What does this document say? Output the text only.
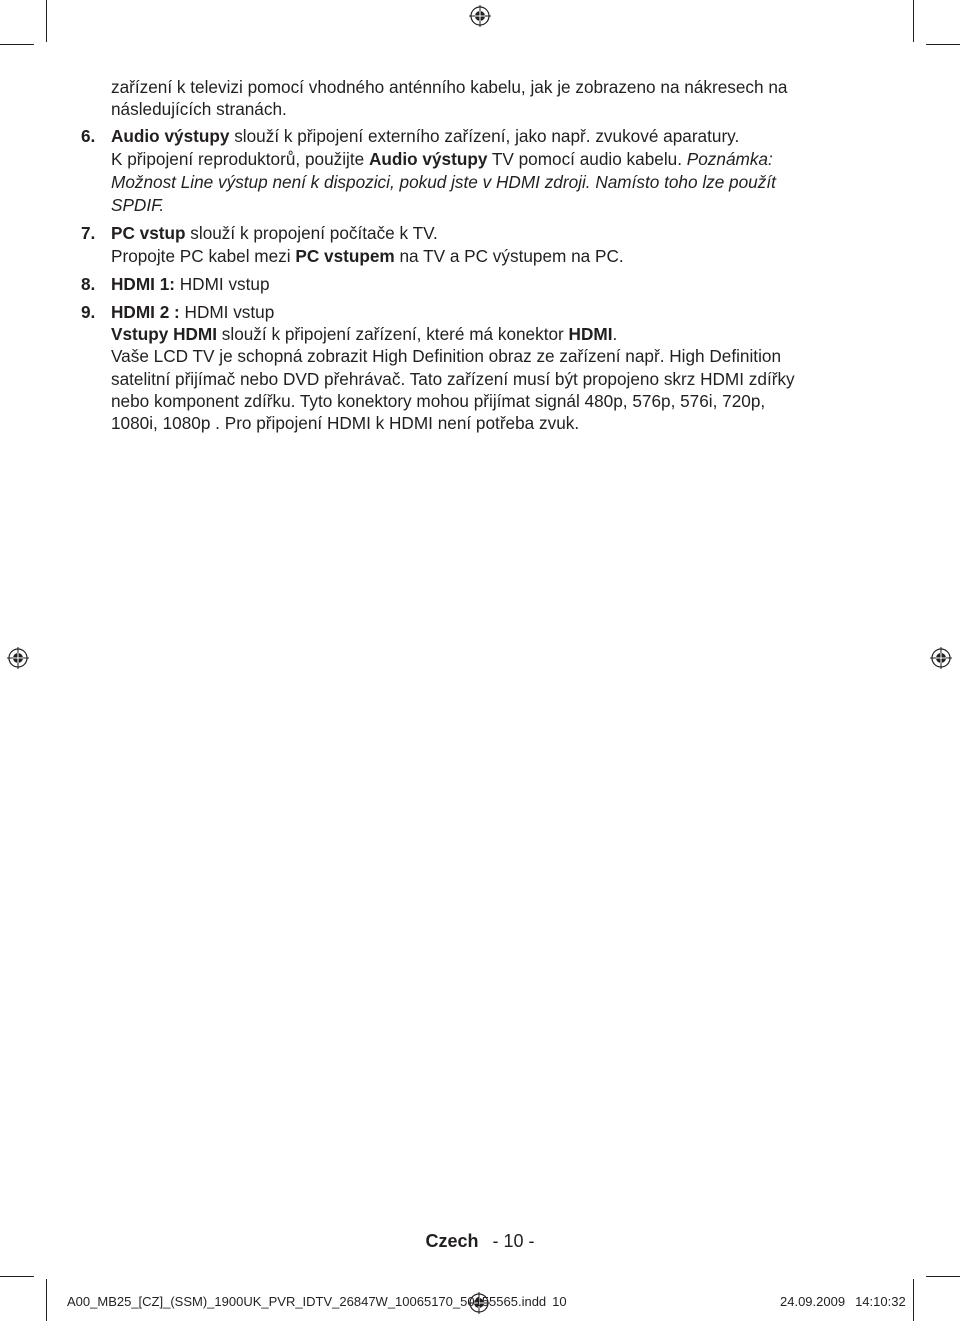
zařízení k televizi pomocí vhodného anténního kabelu, jak je zobrazeno na nákresech na
následujících stranách.
6. Audio výstupy slouží k připojení externího zařízení, jako např. zvukové aparatury.
K připojení reproduktorů, použijte Audio výstupy TV pomocí audio kabelu. Poznámka:
Možnost Line výstup není k dispozici, pokud jste v HDMI zdroji. Namísto toho lze použít
SPDIF.
7. PC vstup slouží k propojení počítače k TV.
Propojte PC kabel mezi PC vstupem na TV a PC výstupem na PC.
8. HDMI 1: HDMI vstup
9. HDMI 2 : HDMI vstup
Vstupy HDMI slouží k připojení zařízení, které má konektor HDMI.
Vaše LCD TV je schopná zobrazit High Definition obraz ze zařízení např. High Definition
satelitní přijímač nebo DVD přehrávač. Tato zařízení musí být propojeno skrz HDMI zdířky
nebo komponent zdířku. Tyto konektory mohou přijímat signál 480p, 576p, 576i, 720p,
1080i, 1080p . Pro připojení HDMI k HDMI není potřeba zvuk.
Czech - 10 -
A00_MB25_[CZ]_(SSM)_1900UK_PVR_IDTV_26847W_10065170_50155565.indd 10	24.09.2009 14:10:32
